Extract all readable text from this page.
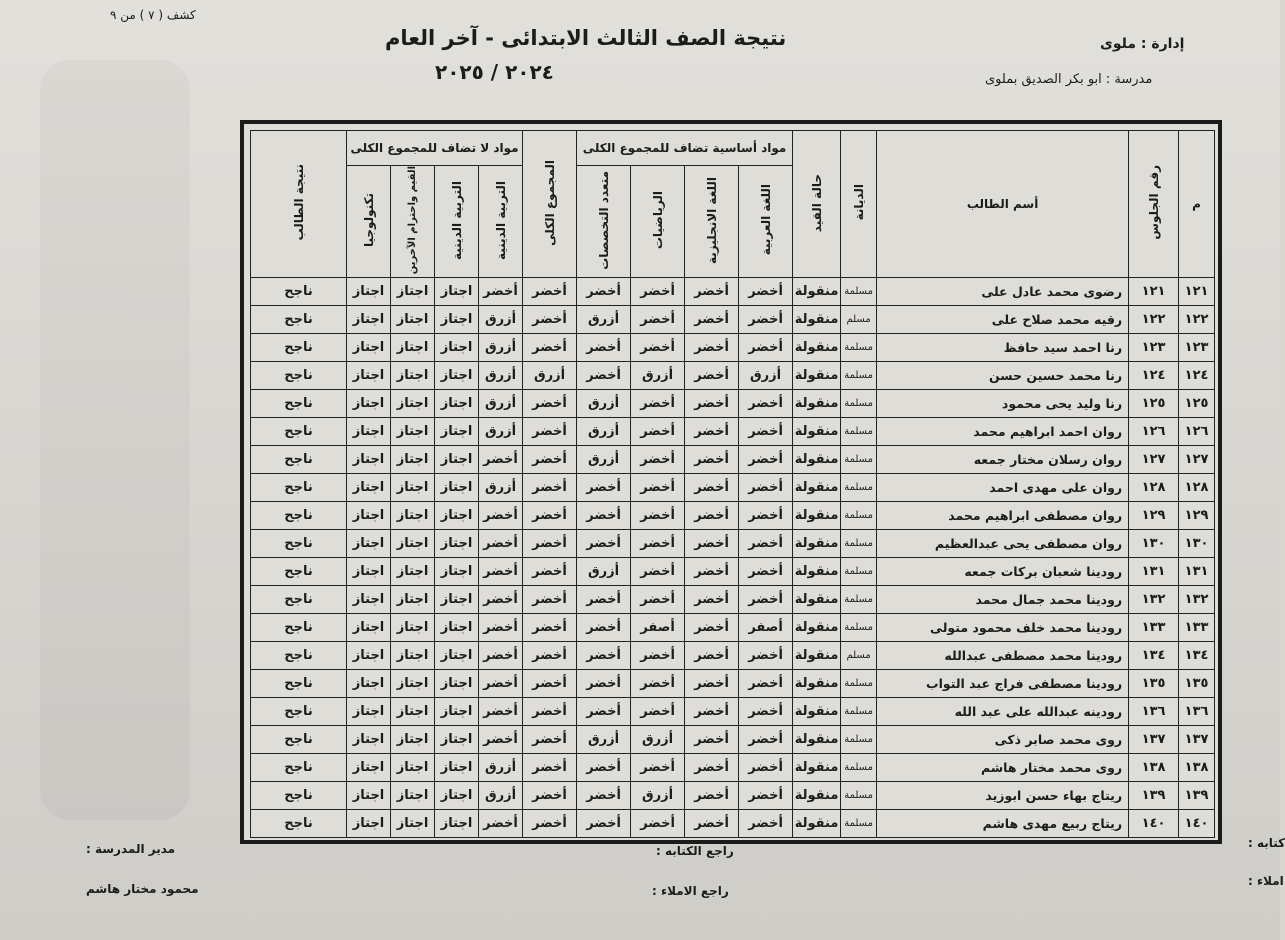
كشف ( ٧ ) من ٩
نتيجة الصف الثالث الابتدائى - آخر العام
٢٠٢٤ / ٢٠٢٥
إدارة : ملوى
مدرسة : ابو بكر الصديق بملوى
م	رقم الجلوس	أسم الطالب	الديانة	حالة القيد	مواد أساسية تضاف للمجموع الكلى				المجموع الكلى	مواد لا تضاف للمجموع الكلى				نتيجة الطالب
					اللغة العربية	اللغة الانجليزية	الرياضيات	متعدد التخصصات		التربية الدينية	التربية الدينية	القيم واحترام الآخرين	تكنولوجيا	
١٢١	١٢١	رضوى محمد عادل على	مسلمة	منقولة	أخضر	أخضر	أخضر	أخضر	أخضر	أخضر	اجتاز	اجتاز	اجتاز	ناجح
١٢٢	١٢٢	رقيه محمد صلاح على	مسلم	منقولة	أخضر	أخضر	أخضر	أزرق	أخضر	أزرق	اجتاز	اجتاز	اجتاز	ناجح
١٢٣	١٢٣	رنا احمد سيد حافظ	مسلمة	منقولة	أخضر	أخضر	أخضر	أخضر	أخضر	أزرق	اجتاز	اجتاز	اجتاز	ناجح
١٢٤	١٢٤	رنا محمد حسين حسن	مسلمة	منقولة	أزرق	أخضر	أزرق	أخضر	أزرق	أزرق	اجتاز	اجتاز	اجتاز	ناجح
١٢٥	١٢٥	رنا وليد يحى محمود	مسلمة	منقولة	أخضر	أخضر	أخضر	أزرق	أخضر	أزرق	اجتاز	اجتاز	اجتاز	ناجح
١٢٦	١٢٦	روان احمد ابراهيم محمد	مسلمة	منقولة	أخضر	أخضر	أخضر	أزرق	أخضر	أزرق	اجتاز	اجتاز	اجتاز	ناجح
١٢٧	١٢٧	روان رسلان مختار جمعه	مسلمة	منقولة	أخضر	أخضر	أخضر	أزرق	أخضر	أخضر	اجتاز	اجتاز	اجتاز	ناجح
١٢٨	١٢٨	روان على مهدى احمد	مسلمة	منقولة	أخضر	أخضر	أخضر	أخضر	أخضر	أزرق	اجتاز	اجتاز	اجتاز	ناجح
١٢٩	١٢٩	روان مصطفى ابراهيم محمد	مسلمة	منقولة	أخضر	أخضر	أخضر	أخضر	أخضر	أخضر	اجتاز	اجتاز	اجتاز	ناجح
١٣٠	١٣٠	روان مصطفى يحى عبدالعظيم	مسلمة	منقولة	أخضر	أخضر	أخضر	أخضر	أخضر	أخضر	اجتاز	اجتاز	اجتاز	ناجح
١٣١	١٣١	رودينا شعبان بركات جمعه	مسلمة	منقولة	أخضر	أخضر	أخضر	أزرق	أخضر	أخضر	اجتاز	اجتاز	اجتاز	ناجح
١٣٢	١٣٢	رودينا محمد جمال محمد	مسلمة	منقولة	أخضر	أخضر	أخضر	أخضر	أخضر	أخضر	اجتاز	اجتاز	اجتاز	ناجح
١٣٣	١٣٣	رودينا محمد خلف محمود متولى	مسلمة	منقولة	أصفر	أخضر	أصفر	أخضر	أخضر	أخضر	اجتاز	اجتاز	اجتاز	ناجح
١٣٤	١٣٤	رودينا محمد مصطفى عبدالله	مسلم	منقولة	أخضر	أخضر	أخضر	أخضر	أخضر	أخضر	اجتاز	اجتاز	اجتاز	ناجح
١٣٥	١٣٥	رودينا مصطفى فراج عبد التواب	مسلمة	منقولة	أخضر	أخضر	أخضر	أخضر	أخضر	أخضر	اجتاز	اجتاز	اجتاز	ناجح
١٣٦	١٣٦	رودينه عبدالله على عبد الله	مسلمة	منقولة	أخضر	أخضر	أخضر	أخضر	أخضر	أخضر	اجتاز	اجتاز	اجتاز	ناجح
١٣٧	١٣٧	روى محمد صابر ذكى	مسلمة	منقولة	أخضر	أخضر	أزرق	أزرق	أخضر	أخضر	اجتاز	اجتاز	اجتاز	ناجح
١٣٨	١٣٨	روى محمد مختار هاشم	مسلمة	منقولة	أخضر	أخضر	أخضر	أخضر	أخضر	أزرق	اجتاز	اجتاز	اجتاز	ناجح
١٣٩	١٣٩	ريتاج بهاء حسن ابوزيد	مسلمة	منقولة	أخضر	أخضر	أزرق	أخضر	أخضر	أزرق	اجتاز	اجتاز	اجتاز	ناجح
١٤٠	١٤٠	ريتاج ربيع مهدى هاشم	مسلمة	منقولة	أخضر	أخضر	أخضر	أخضر	أخضر	أخضر	اجتاز	اجتاز	اجتاز	ناجح
مدير المدرسة :
محمود مختار هاشم
راجع الكتابه :
راجع الاملاء :
كتابه :
املاء :
